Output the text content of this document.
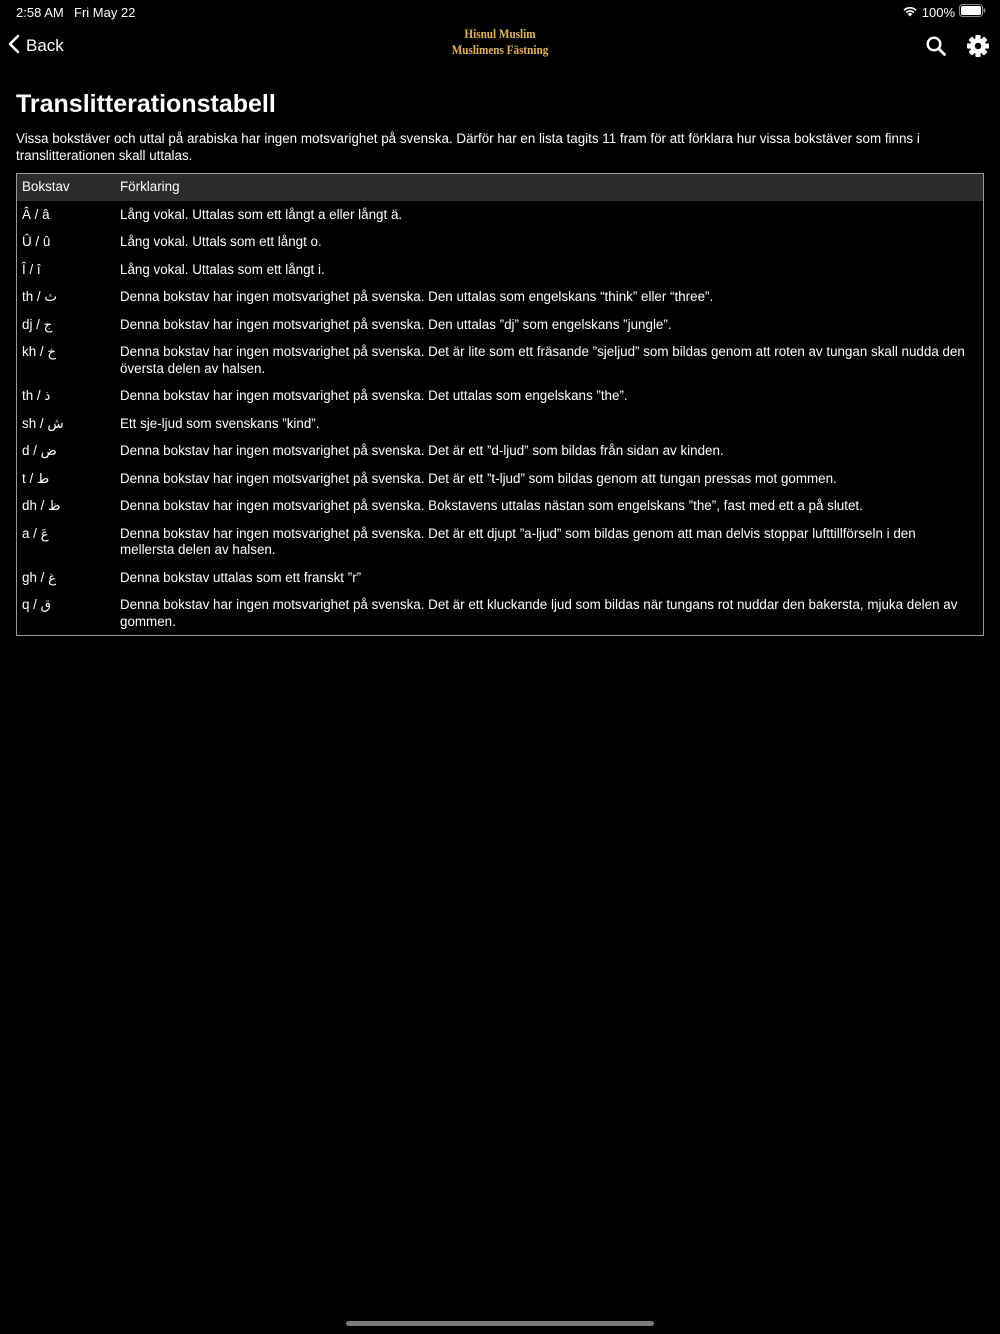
2:58 AM Fri May 22	100%
Back
Hisnul Muslim
Muslimens Fästning
Translitterationstabell

Vissa bokstäver och uttal på arabiska har ingen motsvarighet på svenska. Därför har en lista tagits 11 fram för att förklara hur vissa bokstäver som finns i translitterationen skall uttalas.

Bokstav	Förklaring
Â / â	Lång vokal. Uttalas som ett långt a eller långt ä.
Û / û	Lång vokal. Uttals som ett långt o.
Î / î	Lång vokal. Uttalas som ett långt i.
th / ث	Denna bokstav har ingen motsvarighet på svenska. Den uttalas som engelskans “think” eller “three”.
dj / ج	Denna bokstav har ingen motsvarighet på svenska. Den uttalas ”dj” som engelskans ”jungle”.
kh / خ	Denna bokstav har ingen motsvarighet på svenska. Det är lite som ett fräsande ”sjeljud” som bildas genom att roten av tungan skall nudda den översta delen av halsen.
th / ذ	Denna bokstav har ingen motsvarighet på svenska. Det uttalas som engelskans ”the”.
sh / ش	Ett sje-ljud som svenskans ”kind”.
d / ض	Denna bokstav har ingen motsvarighet på svenska. Det är ett ”d-ljud” som bildas från sidan av kinden.
t / ط	Denna bokstav har ingen motsvarighet på svenska. Det är ett ”t-ljud” som bildas genom att tungan pressas mot gommen.
dh / ظ	Denna bokstav har ingen motsvarighet på svenska. Bokstavens uttalas nästan som engelskans ”the”, fast med ett a på slutet.
a / عَ	Denna bokstav har ingen motsvarighet på svenska. Det är ett djupt ”a-ljud” som bildas genom att man delvis stoppar lufttillförseln i den mellersta delen av halsen.
gh / غ	Denna bokstav uttalas som ett franskt ”r”
q / ق	Denna bokstav har ingen motsvarighet på svenska. Det är ett kluckande ljud som bildas när tungans rot nuddar den bakersta, mjuka delen av gommen.
